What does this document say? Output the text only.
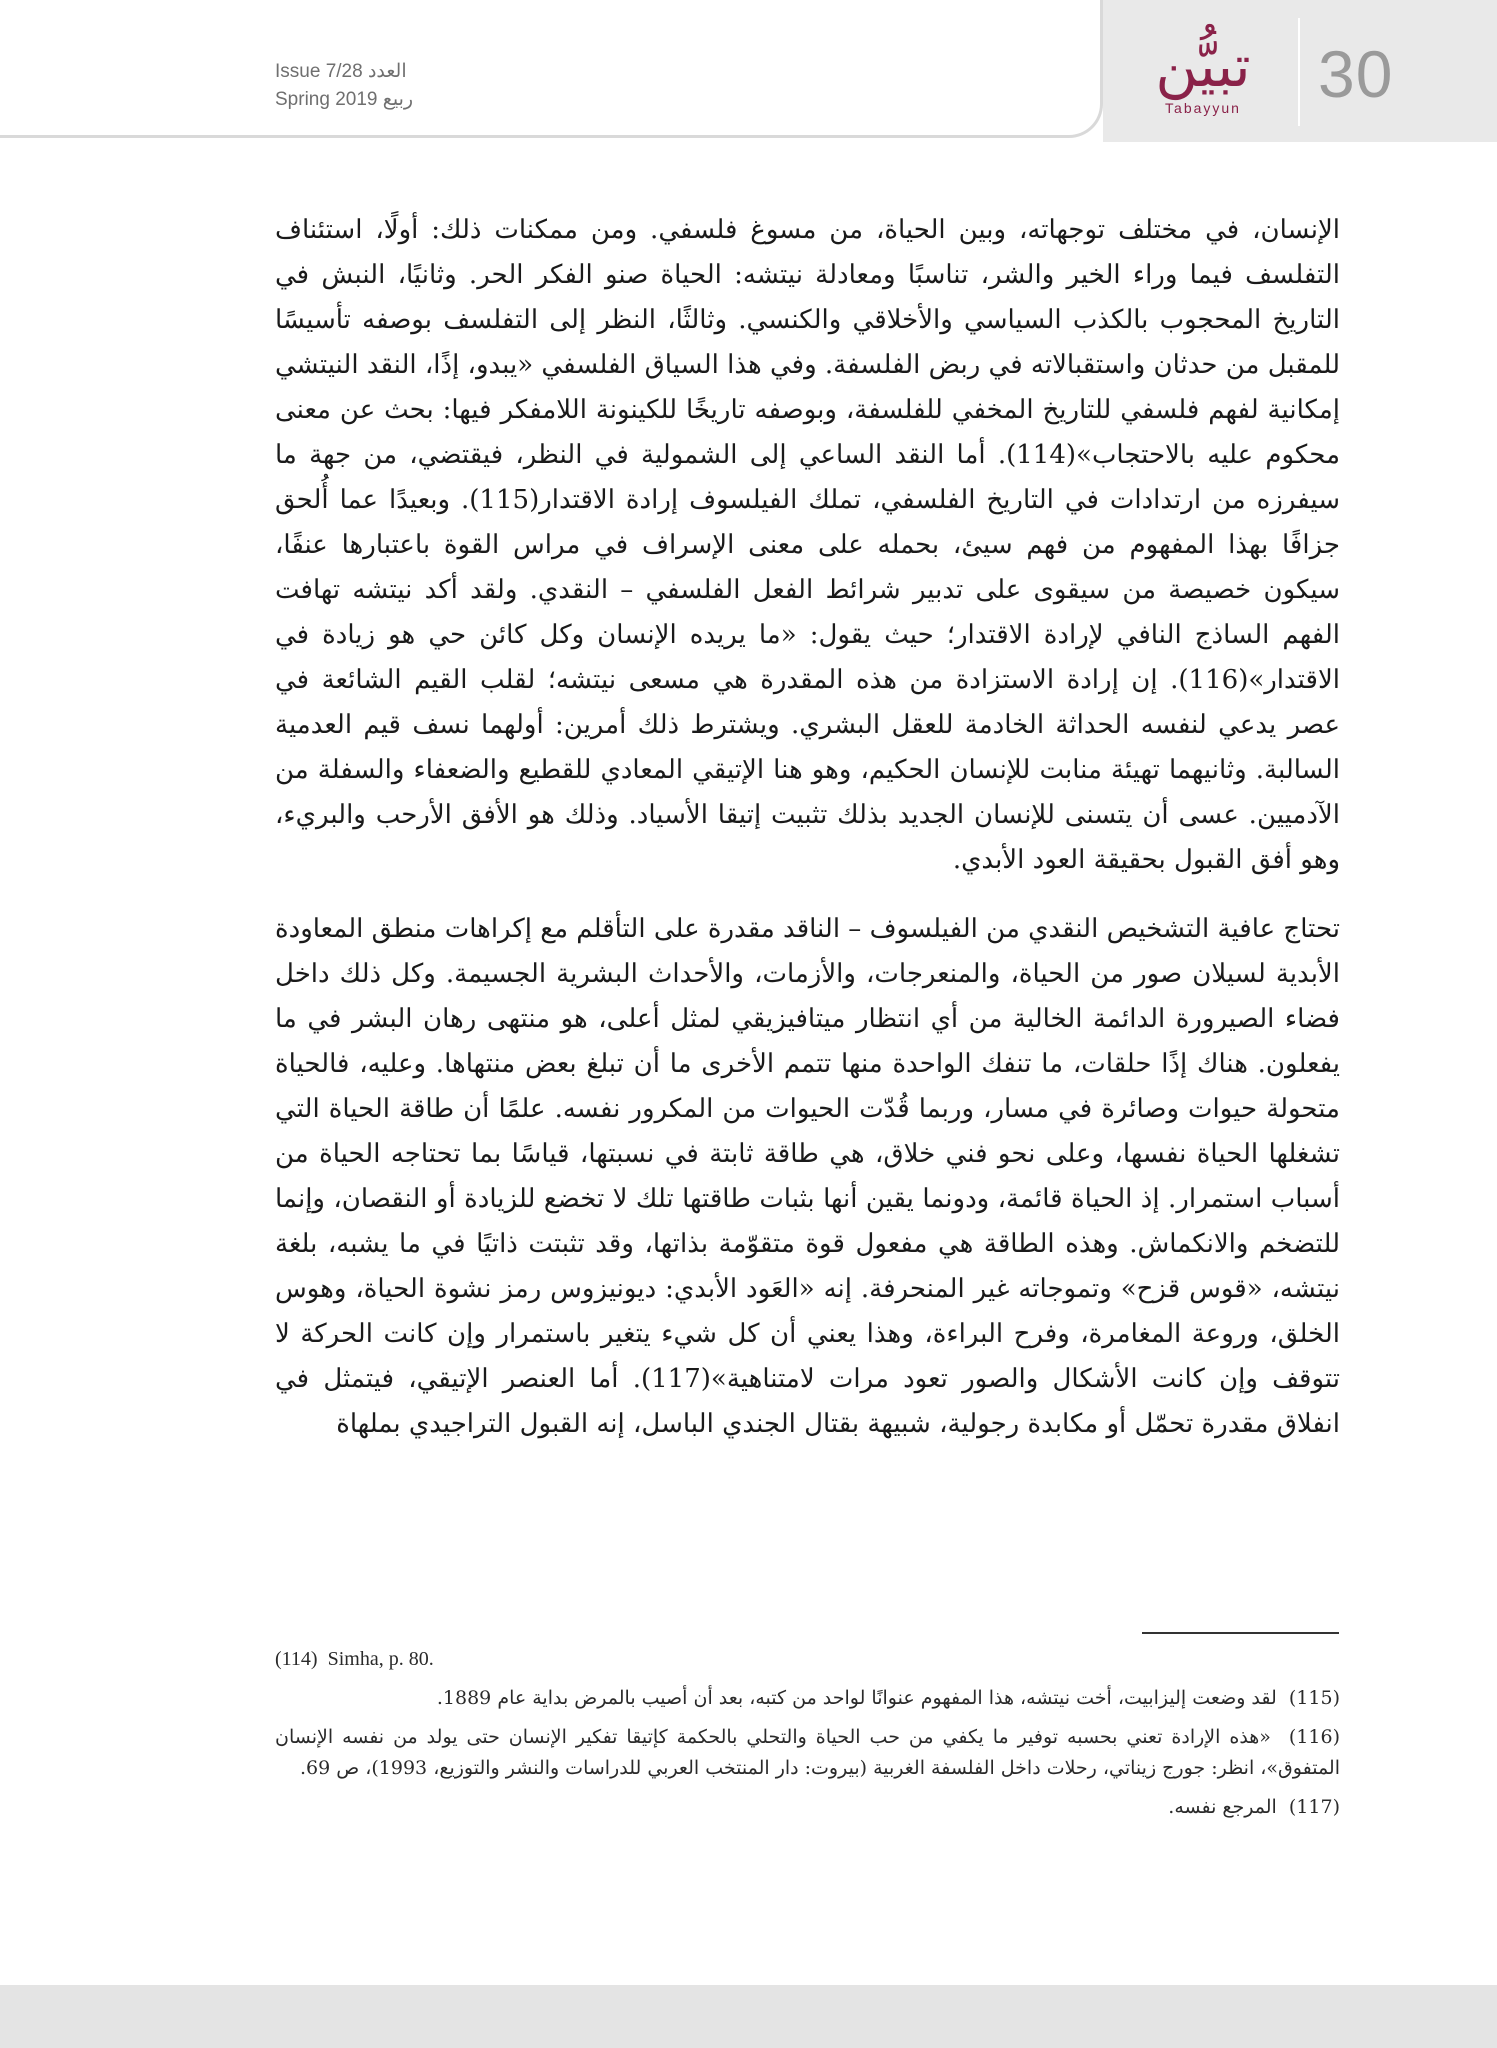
Issue 7/28 العدد
Spring 2019 ربيع	تبيُّن
Tabayyun	30

الإنسان، في مختلف توجهاته، وبين الحياة، من مسوغ فلسفي. ومن ممكنات ذلك: أولًا، استئناف التفلسف فيما وراء الخير والشر، تناسبًا ومعادلة نيتشه: الحياة صنو الفكر الحر. وثانيًا، النبش في التاريخ المحجوب بالكذب السياسي والأخلاقي والكنسي. وثالثًا، النظر إلى التفلسف بوصفه تأسيسًا للمقبل من حدثان واستقبالاته في ربض الفلسفة. وفي هذا السياق الفلسفي «يبدو، إذًا، النقد النيتشي إمكانية لفهم فلسفي للتاريخ المخفي للفلسفة، وبوصفه تاريخًا للكينونة اللامفكر فيها: بحث عن معنى محكوم عليه بالاحتجاب»(114). أما النقد الساعي إلى الشمولية في النظر، فيقتضي، من جهة ما سيفرزه من ارتدادات في التاريخ الفلسفي، تملك الفيلسوف إرادة الاقتدار(115). وبعيدًا عما أُلحق جزافًا بهذا المفهوم من فهم سيئ، بحمله على معنى الإسراف في مراس القوة باعتبارها عنفًا، سيكون خصيصة من سيقوى على تدبير شرائط الفعل الفلسفي – النقدي. ولقد أكد نيتشه تهافت الفهم الساذج النافي لإرادة الاقتدار؛ حيث يقول: «ما يريده الإنسان وكل كائن حي هو زيادة في الاقتدار»(116). إن إرادة الاستزادة من هذه المقدرة هي مسعى نيتشه؛ لقلب القيم الشائعة في عصر يدعي لنفسه الحداثة الخادمة للعقل البشري. ويشترط ذلك أمرين: أولهما نسف قيم العدمية السالبة. وثانيهما تهيئة منابت للإنسان الحكيم، وهو هنا الإتيقي المعادي للقطيع والضعفاء والسفلة من الآدميين. عسى أن يتسنى للإنسان الجديد بذلك تثبيت إتيقا الأسياد. وذلك هو الأفق الأرحب والبريء، وهو أفق القبول بحقيقة العود الأبدي.

تحتاج عافية التشخيص النقدي من الفيلسوف – الناقد مقدرة على التأقلم مع إكراهات منطق المعاودة الأبدية لسيلان صور من الحياة، والمنعرجات، والأزمات، والأحداث البشرية الجسيمة. وكل ذلك داخل فضاء الصيرورة الدائمة الخالية من أي انتظار ميتافيزيقي لمثل أعلى، هو منتهى رهان البشر في ما يفعلون. هناك إذًا حلقات، ما تنفك الواحدة منها تتمم الأخرى ما أن تبلغ بعض منتهاها. وعليه، فالحياة متحولة حيوات وصائرة في مسار، وربما قُدّت الحيوات من المكرور نفسه. علمًا أن طاقة الحياة التي تشغلها الحياة نفسها، وعلى نحو فني خلاق، هي طاقة ثابتة في نسبتها، قياسًا بما تحتاجه الحياة من أسباب استمرار. إذ الحياة قائمة، ودونما يقين أنها بثبات طاقتها تلك لا تخضع للزيادة أو النقصان، وإنما للتضخم والانكماش. وهذه الطاقة هي مفعول قوة متقوّمة بذاتها، وقد تثبتت ذاتيًا في ما يشبه، بلغة نيتشه، «قوس قزح» وتموجاته غير المنحرفة. إنه «العَود الأبدي: ديونيزوس رمز نشوة الحياة، وهوس الخلق، وروعة المغامرة، وفرح البراءة، وهذا يعني أن كل شيء يتغير باستمرار وإن كانت الحركة لا تتوقف وإن كانت الأشكال والصور تعود مرات لامتناهية»(117). أما العنصر الإتيقي، فيتمثل في انفلاق مقدرة تحمّل أو مكابدة رجولية، شبيهة بقتال الجندي الباسل، إنه القبول التراجيدي بملهاة

(114) Simha, p. 80.

(115)  لقد وضعت إليزابيت، أخت نيتشه، هذا المفهوم عنوانًا لواحد من كتبه، بعد أن أصيب بالمرض بداية عام 1889.

(116)  «هذه الإرادة تعني بحسبه توفير ما يكفي من حب الحياة والتحلي بالحكمة كإتيقا تفكير الإنسان حتى يولد من نفسه الإنسان المتفوق»، انظر: جورج زيناتي، رحلات داخل الفلسفة الغربية (بيروت: دار المنتخب العربي للدراسات والنشر والتوزيع، 1993)، ص 69.

(117)  المرجع نفسه.
